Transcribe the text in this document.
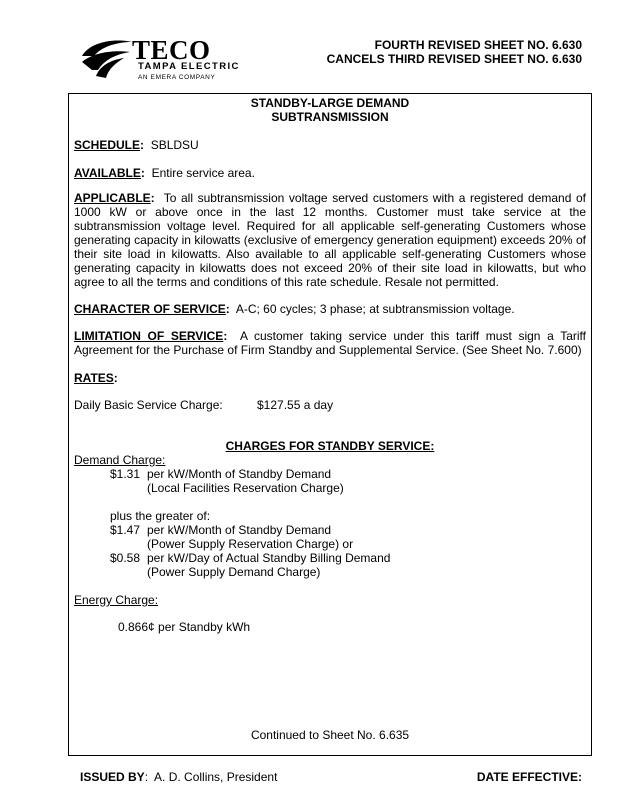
TECO
TAMPA ELECTRIC
AN EMERA COMPANY
FOURTH REVISED SHEET NO. 6.630
CANCELS THIRD REVISED SHEET NO. 6.630
STANDBY-LARGE DEMAND
SUBTRANSMISSION
SCHEDULE: SBLDSU
AVAILABLE: Entire service area.
APPLICABLE: To all subtransmission voltage served customers with a registered demand of 1000 kW or above once in the last 12 months. Customer must take service at the subtransmission voltage level. Required for all applicable self-generating Customers whose generating capacity in kilowatts (exclusive of emergency generation equipment) exceeds 20% of their site load in kilowatts. Also available to all applicable self-generating Customers whose generating capacity in kilowatts does not exceed 20% of their site load in kilowatts, but who agree to all the terms and conditions of this rate schedule. Resale not permitted.
CHARACTER OF SERVICE: A-C; 60 cycles; 3 phase; at subtransmission voltage.
LIMITATION OF SERVICE: A customer taking service under this tariff must sign a Tariff Agreement for the Purchase of Firm Standby and Supplemental Service. (See Sheet No. 7.600)
RATES:
Daily Basic Service Charge:	$127.55 a day
CHARGES FOR STANDBY SERVICE:
Demand Charge:
$1.31 per kW/Month of Standby Demand
(Local Facilities Reservation Charge)
plus the greater of:
$1.47 per kW/Month of Standby Demand
(Power Supply Reservation Charge) or
$0.58 per kW/Day of Actual Standby Billing Demand
(Power Supply Demand Charge)
Energy Charge:
0.866¢ per Standby kWh
Continued to Sheet No. 6.635
ISSUED BY:  A. D. Collins, President	DATE EFFECTIVE:
